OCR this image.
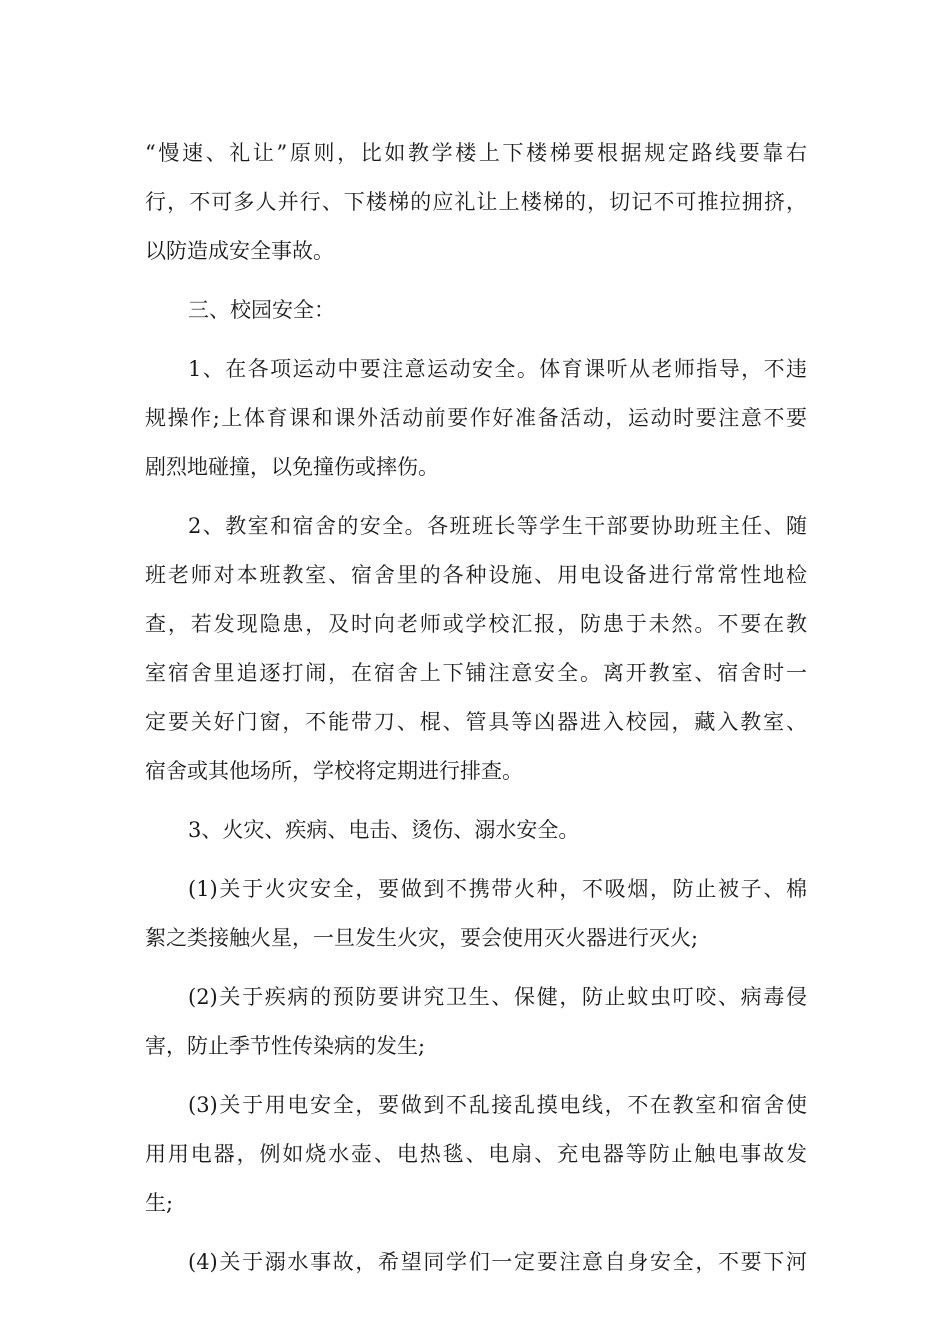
“慢速、礼让”原则，比如教学楼上下楼梯要根据规定路线要靠右
行，不可多人并行、下楼梯的应礼让上楼梯的，切记不可推拉拥挤，
以防造成安全事故。
三、校园安全：
1、在各项运动中要注意运动安全。体育课听从老师指导，不违
规操作;上体育课和课外活动前要作好准备活动，运动时要注意不要
剧烈地碰撞，以免撞伤或摔伤。
2、教室和宿舍的安全。各班班长等学生干部要协助班主任、随
班老师对本班教室、宿舍里的各种设施、用电设备进行常常性地检
查，若发现隐患，及时向老师或学校汇报，防患于未然。不要在教
室宿舍里追逐打闹，在宿舍上下铺注意安全。离开教室、宿舍时一
定要关好门窗，不能带刀、棍、管具等凶器进入校园，藏入教室、
宿舍或其他场所，学校将定期进行排查。
3、火灾、疾病、电击、烫伤、溺水安全。
(1)关于火灾安全，要做到不携带火种，不吸烟，防止被子、棉
絮之类接触火星，一旦发生火灾，要会使用灭火器进行灭火;
(2)关于疾病的预防要讲究卫生、保健，防止蚊虫叮咬、病毒侵
害，防止季节性传染病的发生;
(3)关于用电安全，要做到不乱接乱摸电线，不在教室和宿舍使
用用电器，例如烧水壶、电热毯、电扇、充电器等防止触电事故发
生;
(4)关于溺水事故，希望同学们一定要注意自身安全，不要下河
